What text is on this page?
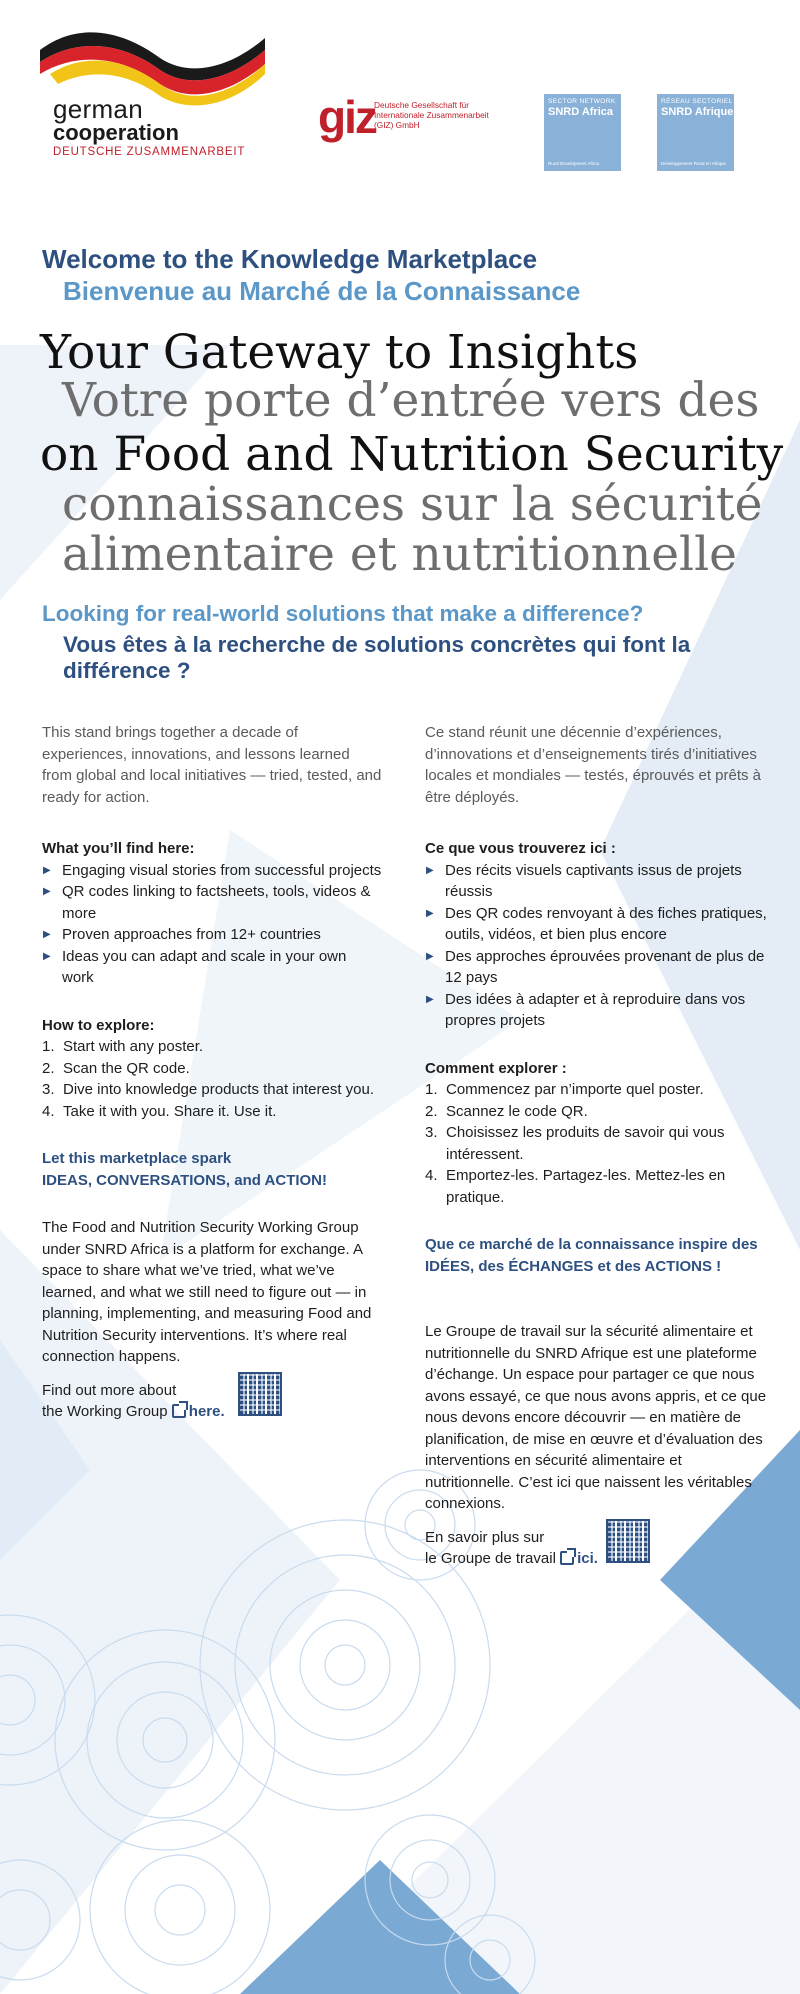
german
cooperation
DEUTSCHE ZUSAMMENARBEIT
giz
Deutsche Gesellschaft für Internationale Zusammenarbeit (GIZ) GmbH
SECTOR NETWORK
SNRD Africa
Rural Development Africa
RÉSEAU SECTORIEL
SNRD Afrique
Développement Rural en Afrique
Welcome to the Knowledge Marketplace
Bienvenue au Marché de la Connaissance
Your Gateway to Insights
Votre porte d’entrée vers des
on Food and Nutrition Security
connaissances sur la sécurité
alimentaire et nutritionnelle
Looking for real-world solutions that make a difference?
Vous êtes à la recherche de solutions concrètes qui font la différence ?

This stand brings together a decade of experiences, innovations, and lessons learned from global and local initiatives — tried, tested, and ready for action.

What you’ll find here:

▶ Engaging visual stories from successful projects
▶ QR codes linking to factsheets, tools, videos & more
▶ Proven approaches from 12+ countries
▶ Ideas you can adapt and scale in your own work

How to explore:

1. Start with any poster.
2. Scan the QR code.
3. Dive into knowledge products that interest you.
4. Take it with you. Share it. Use it.

Let this marketplace spark
IDEAS, CONVERSATIONS, and ACTION!

The Food and Nutrition Security Working Group under SNRD Africa is a platform for exchange. A space to share what we’ve tried, what we’ve learned, and what we still need to figure out — in planning, implementing, and measuring Food and Nutrition Security interventions. It’s where real connection happens.

Find out more about
the Working Group here.

Ce stand réunit une décennie d’expériences, d’innovations et d’enseignements tirés d’initiatives locales et mondiales — testés, éprouvés et prêts à être déployés.

Ce que vous trouverez ici :

▶ Des récits visuels captivants issus de projets réussis
▶ Des QR codes renvoyant à des fiches pratiques, outils, vidéos, et bien plus encore
▶ Des approches éprouvées provenant de plus de 12 pays
▶ Des idées à adapter et à reproduire dans vos propres projets

Comment explorer :

1. Commencez par n’importe quel poster.
2. Scannez le code QR.
3. Choisissez les produits de savoir qui vous intéressent.
4. Emportez-les. Partagez-les. Mettez-les en pratique.

Que ce marché de la connaissance inspire des
IDÉES, des ÉCHANGES et des ACTIONS !

Le Groupe de travail sur la sécurité alimentaire et nutritionnelle du SNRD Afrique est une plateforme d’échange. Un espace pour partager ce que nous avons essayé, ce que nous avons appris, et ce que nous devons encore découvrir — en matière de planification, de mise en œuvre et d’évaluation des interventions en sécurité alimentaire et nutritionnelle. C’est ici que naissent les véritables connexions.

En savoir plus sur
le Groupe de travail ici.
